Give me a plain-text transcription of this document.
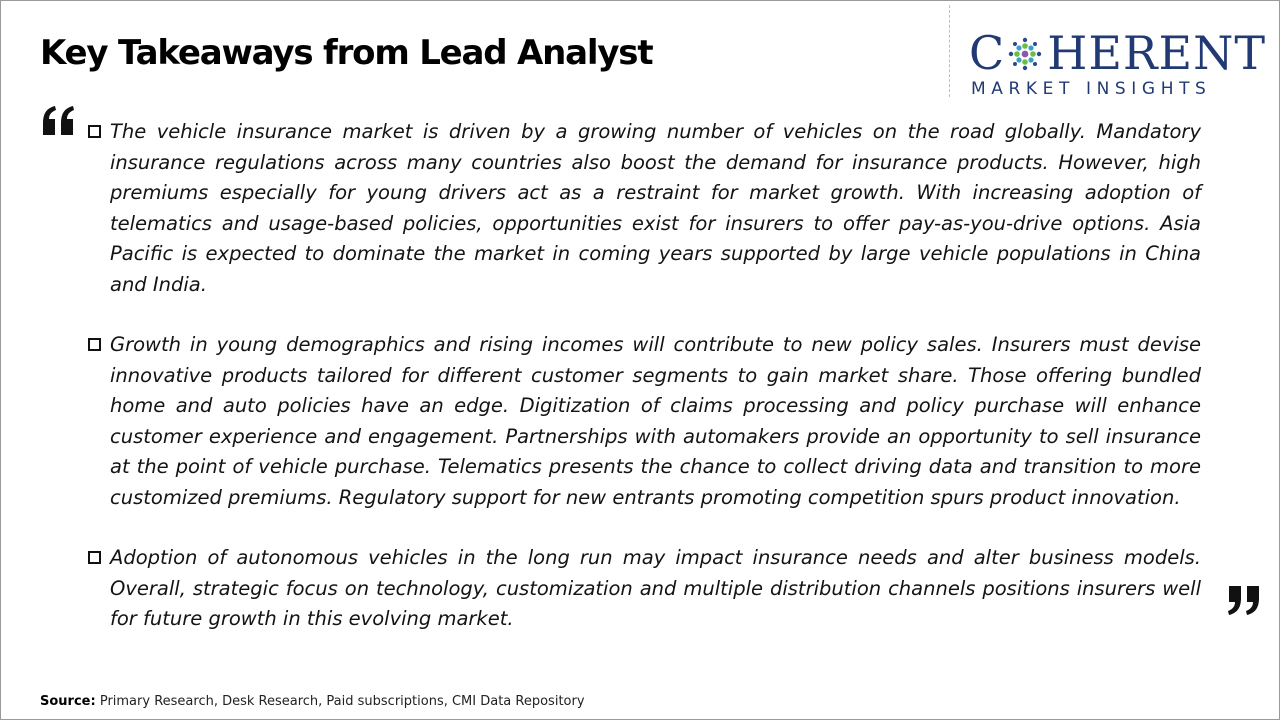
Key Takeaways from Lead Analyst	C HERENT
MARKET INSIGHTS

The vehicle insurance market is driven by a growing number of vehicles on the road globally. Mandatory insurance regulations across many countries also boost the demand for insurance products. However, high premiums especially for young drivers act as a restraint for market growth. With increasing adoption of telematics and usage-based policies, opportunities exist for insurers to offer pay-as-you-drive options. Asia Pacific is expected to dominate the market in coming years supported by large vehicle populations in China and India.

Growth in young demographics and rising incomes will contribute to new policy sales. Insurers must devise innovative products tailored for different customer segments to gain market share. Those offering bundled home and auto policies have an edge. Digitization of claims processing and policy purchase will enhance customer experience and engagement. Partnerships with automakers provide an opportunity to sell insurance at the point of vehicle purchase. Telematics presents the chance to collect driving data and transition to more customized premiums. Regulatory support for new entrants promoting competition spurs product innovation.

Adoption of autonomous vehicles in the long run may impact insurance needs and alter business models. Overall, strategic focus on technology, customization and multiple distribution channels positions insurers well for future growth in this evolving market.

Source: Primary Research, Desk Research, Paid subscriptions, CMI Data Repository
